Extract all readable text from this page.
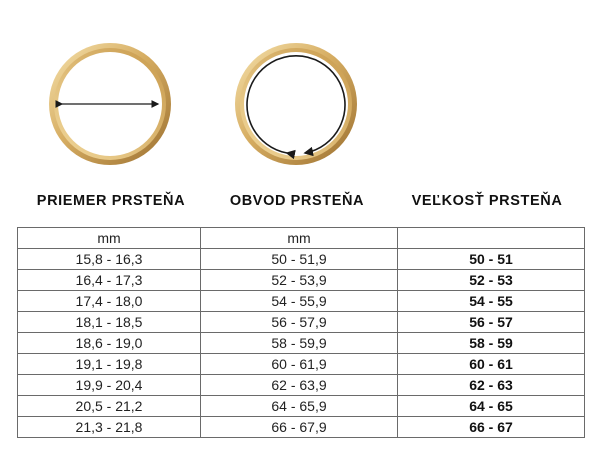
PRIEMER PRSTEŇA	OBVOD PRSTEŇA	VEĽKOSŤ PRSTEŇA
mm	mm	
15,8 - 16,3	50 - 51,9	50 - 51
16,4 - 17,3	52 - 53,9	52 - 53
17,4 - 18,0	54 - 55,9	54 - 55
18,1 - 18,5	56 - 57,9	56 - 57
18,6 - 19,0	58 - 59,9	58 - 59
19,1 - 19,8	60 - 61,9	60 - 61
19,9 - 20,4	62 - 63,9	62 - 63
20,5 - 21,2	64 - 65,9	64 - 65
21,3 - 21,8	66 - 67,9	66 - 67
